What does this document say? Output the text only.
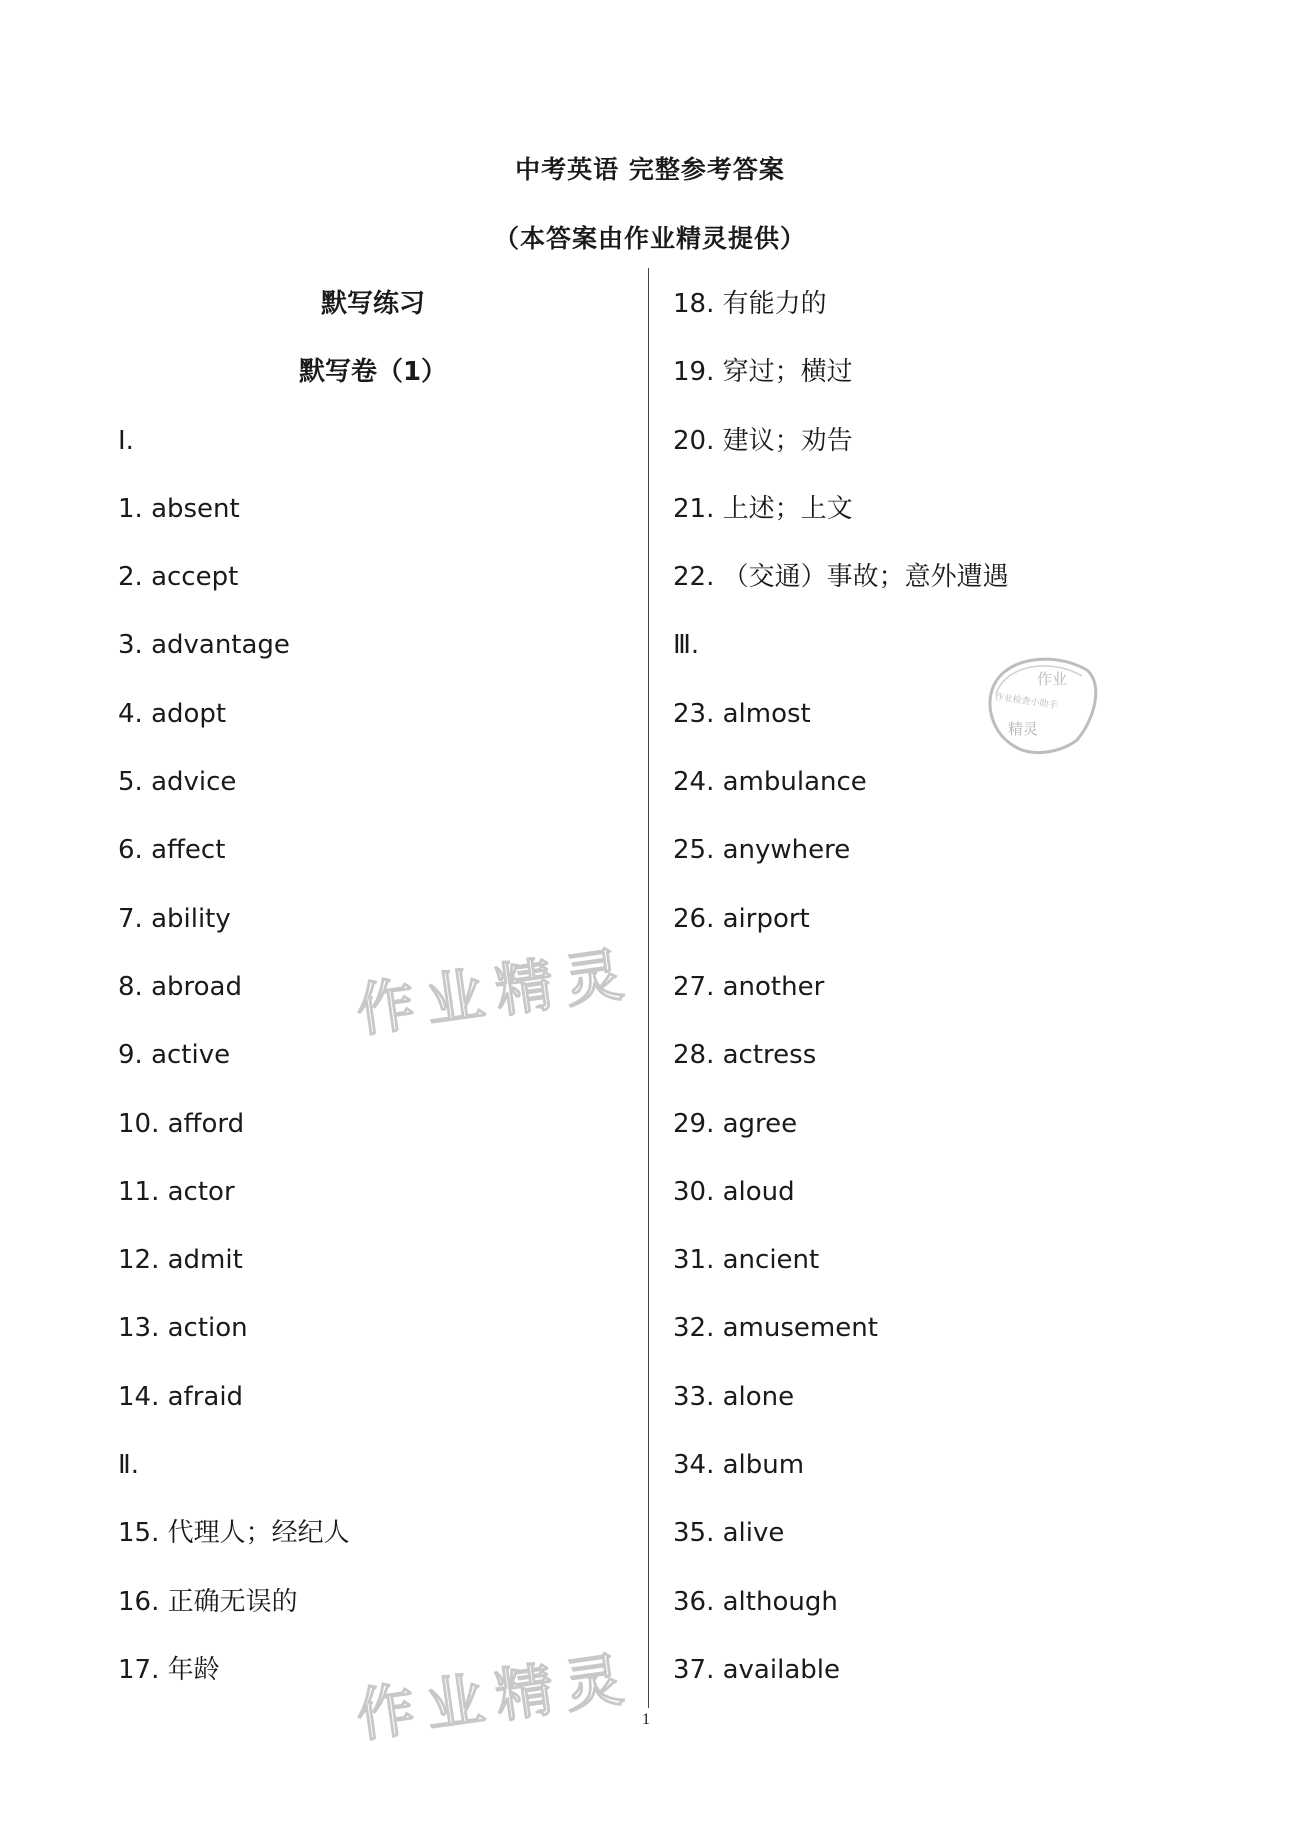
中考英语 完整参考答案
（本答案由作业精灵提供）
默写练习
默写卷（1）
Ⅰ.
1. absent
2. accept
3. advantage
4. adopt
5. advice
6. affect
7. ability
8. abroad
9. active
10. afford
11. actor
12. admit
13. action
14. afraid
Ⅱ.
15. 代理人；经纪人
16. 正确无误的
17. 年龄
18. 有能力的
19. 穿过；横过
20. 建议；劝告
21. 上述；上文
22. （交通）事故；意外遭遇
Ⅲ.
23. almost
24. ambulance
25. anywhere
26. airport
27. another
28. actress
29. agree
30. aloud
31. ancient
32. amusement
33. alone
34. album
35. alive
36. although
37. available
作业精灵
作业精灵
作业
作业检查小助手
精灵
1
